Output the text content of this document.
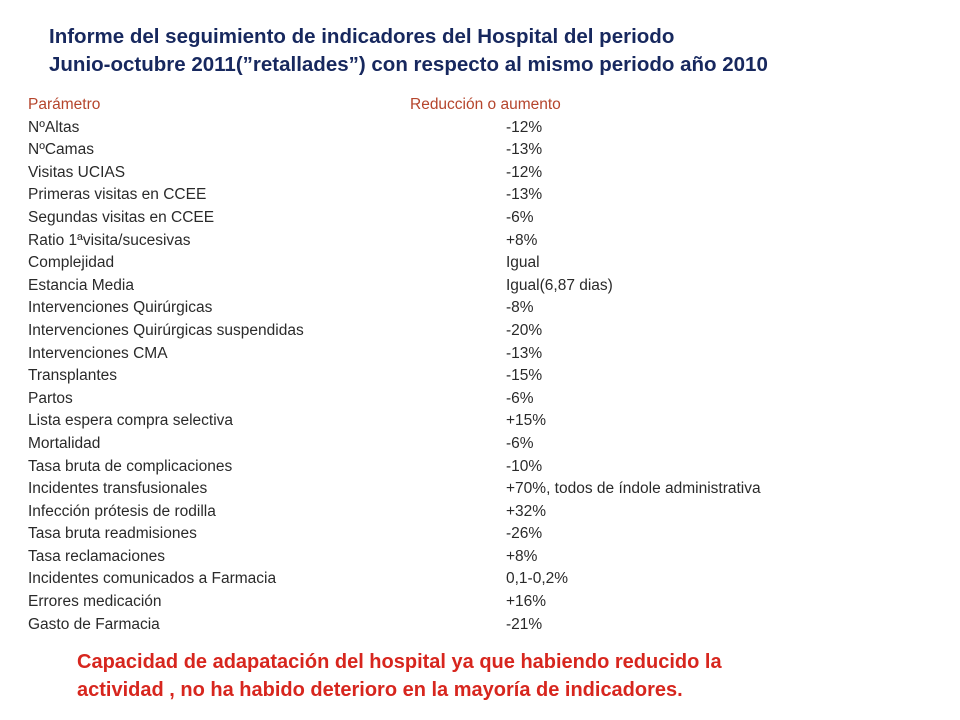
Informe del seguimiento de indicadores del Hospital del periodo
Junio-octubre 2011(”retallades”) con respecto al mismo periodo año 2010
Parámetro	Reducción o aumento
NºAltas	-12%
NºCamas	-13%
Visitas UCIAS	-12%
Primeras visitas en CCEE	-13%
Segundas visitas en CCEE	-6%
Ratio 1ªvisita/sucesivas	+8%
Complejidad	Igual
Estancia Media	Igual(6,87 dias)
Intervenciones Quirúrgicas	-8%
Intervenciones Quirúrgicas suspendidas	-20%
Intervenciones CMA	-13%
Transplantes	-15%
Partos	-6%
Lista espera compra selectiva	+15%
Mortalidad	-6%
Tasa bruta de complicaciones	-10%
Incidentes transfusionales	+70%, todos de índole administrativa
Infección prótesis de rodilla	+32%
Tasa bruta readmisiones	-26%
Tasa reclamaciones	+8%
Incidentes comunicados a Farmacia	0,1-0,2%
Errores medicación	+16%
Gasto de Farmacia	-21%

Capacidad de adapatación del hospital ya que habiendo reducido la
actividad , no ha habido deterioro en la mayoría de indicadores.
